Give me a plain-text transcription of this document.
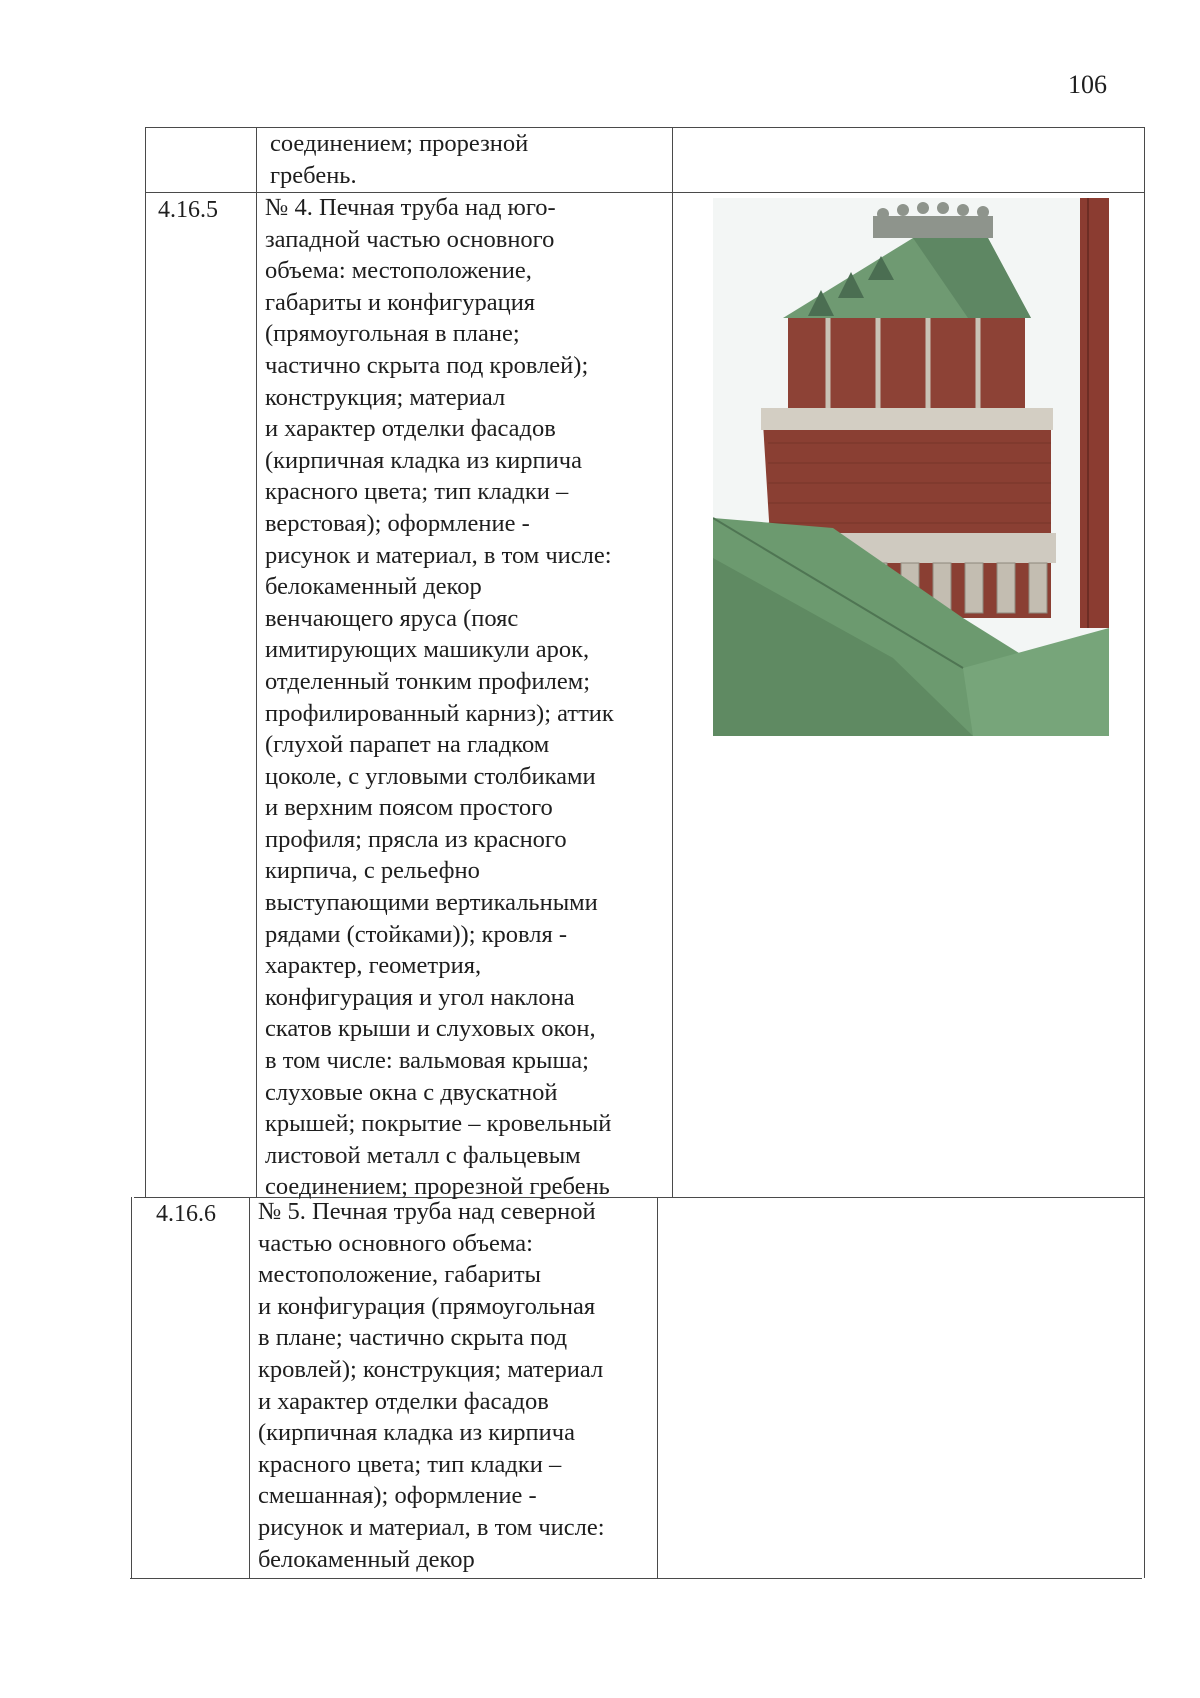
106
соединением; прорезной
гребень.
4.16.5 № 4. Печная труба над юго-
западной частью основного
объема: местоположение,
габариты и конфигурация
(прямоугольная в плане;
частично скрыта под кровлей);
конструкция; материал
и характер отделки фасадов
(кирпичная кладка из кирпича
красного цвета; тип кладки –
верстовая); оформление -
рисунок и материал, в том числе:
белокаменный декор
венчающего яруса (пояс
имитирующих машикули арок,
отделенный тонким профилем;
профилированный карниз); аттик
(глухой парапет на гладком
цоколе, с угловыми столбиками
и верхним поясом простого
профиля; прясла из красного
кирпича, с рельефно
выступающими вертикальными
рядами (стойками)); кровля -
характер, геометрия,
конфигурация и угол наклона
скатов крыши и слуховых окон,
в том числе: вальмовая крыша;
слуховые окна с двускатной
крышей; покрытие – кровельный
листовой металл с фальцевым
соединением; прорезной гребень
4.16.6 № 5. Печная труба над северной
частью основного объема:
местоположение, габариты
и конфигурация (прямоугольная
в плане; частично скрыта под
кровлей); конструкция; материал
и характер отделки фасадов
(кирпичная кладка из кирпича
красного цвета; тип кладки –
смешанная); оформление -
рисунок и материал, в том числе:
белокаменный декор
